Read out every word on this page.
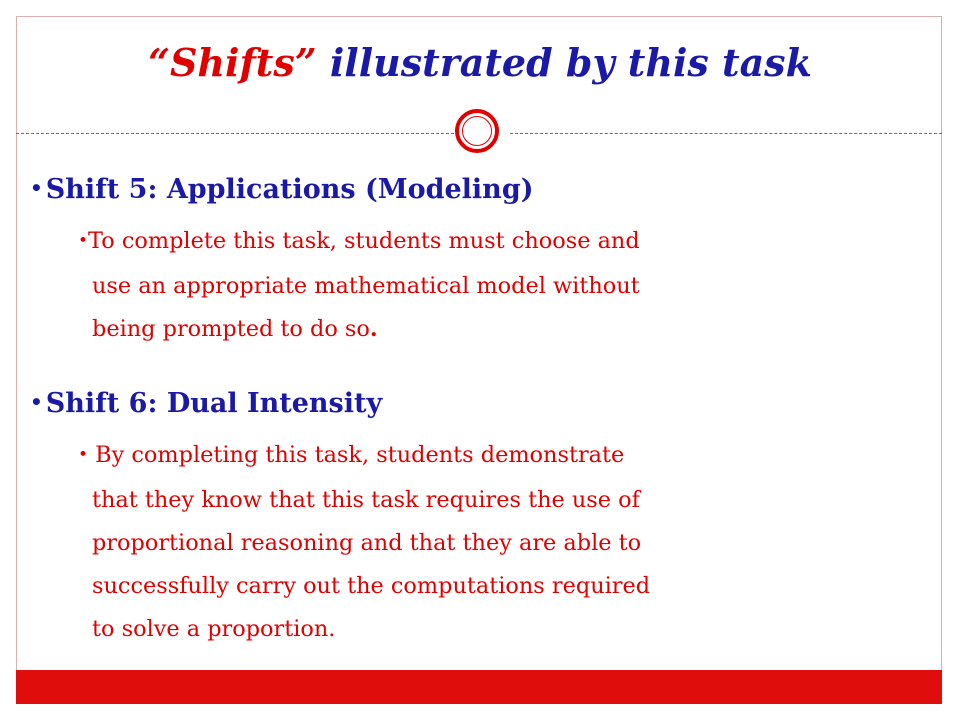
“Shifts” illustrated by this task
• Shift 5: Applications (Modeling)
•To complete this task, students must choose and
use an appropriate mathematical model without
being prompted to do so.
• Shift 6: Dual Intensity
• By completing this task, students demonstrate
that they know that this task requires the use of
proportional reasoning and that they are able to
successfully carry out the computations required
to solve a proportion.
